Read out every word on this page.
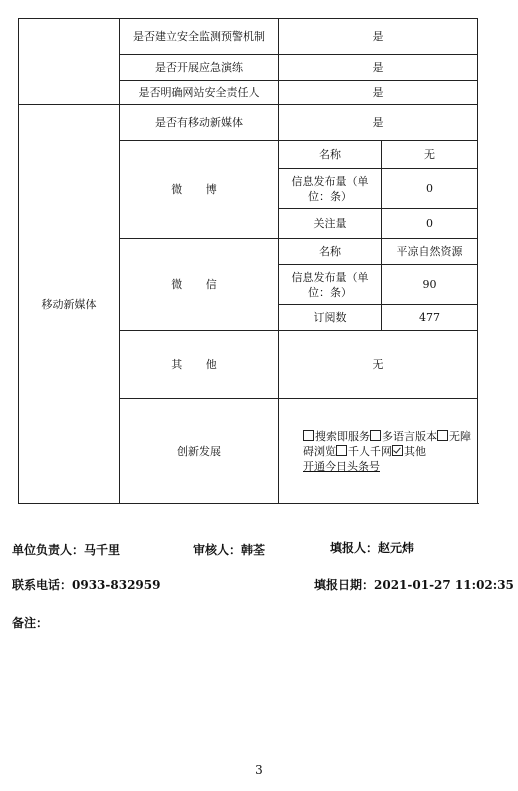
	是否建立安全监测预警机制	是	
	是否开展应急演练	是	
	是否明确网站安全责任人	是	
移动新媒体	是否有移动新媒体	是	
	微 博	名称	无
		信息发布量（单位：条）	0
		关注量	0
	微 信	名称	平凉自然资源
		信息发布量（单位：条）	90
		订阅数	477
	其 他	无	
	创新发展	搜索即服务 多语言版本 无障碍浏览 千人千网 其他
开通今日头条号	
单位负责人：马千里	审核人：韩荃	填报人：赵元炜
联系电话：0933-832959	填报日期：2021-01-27 11:02:35
备注：
3
